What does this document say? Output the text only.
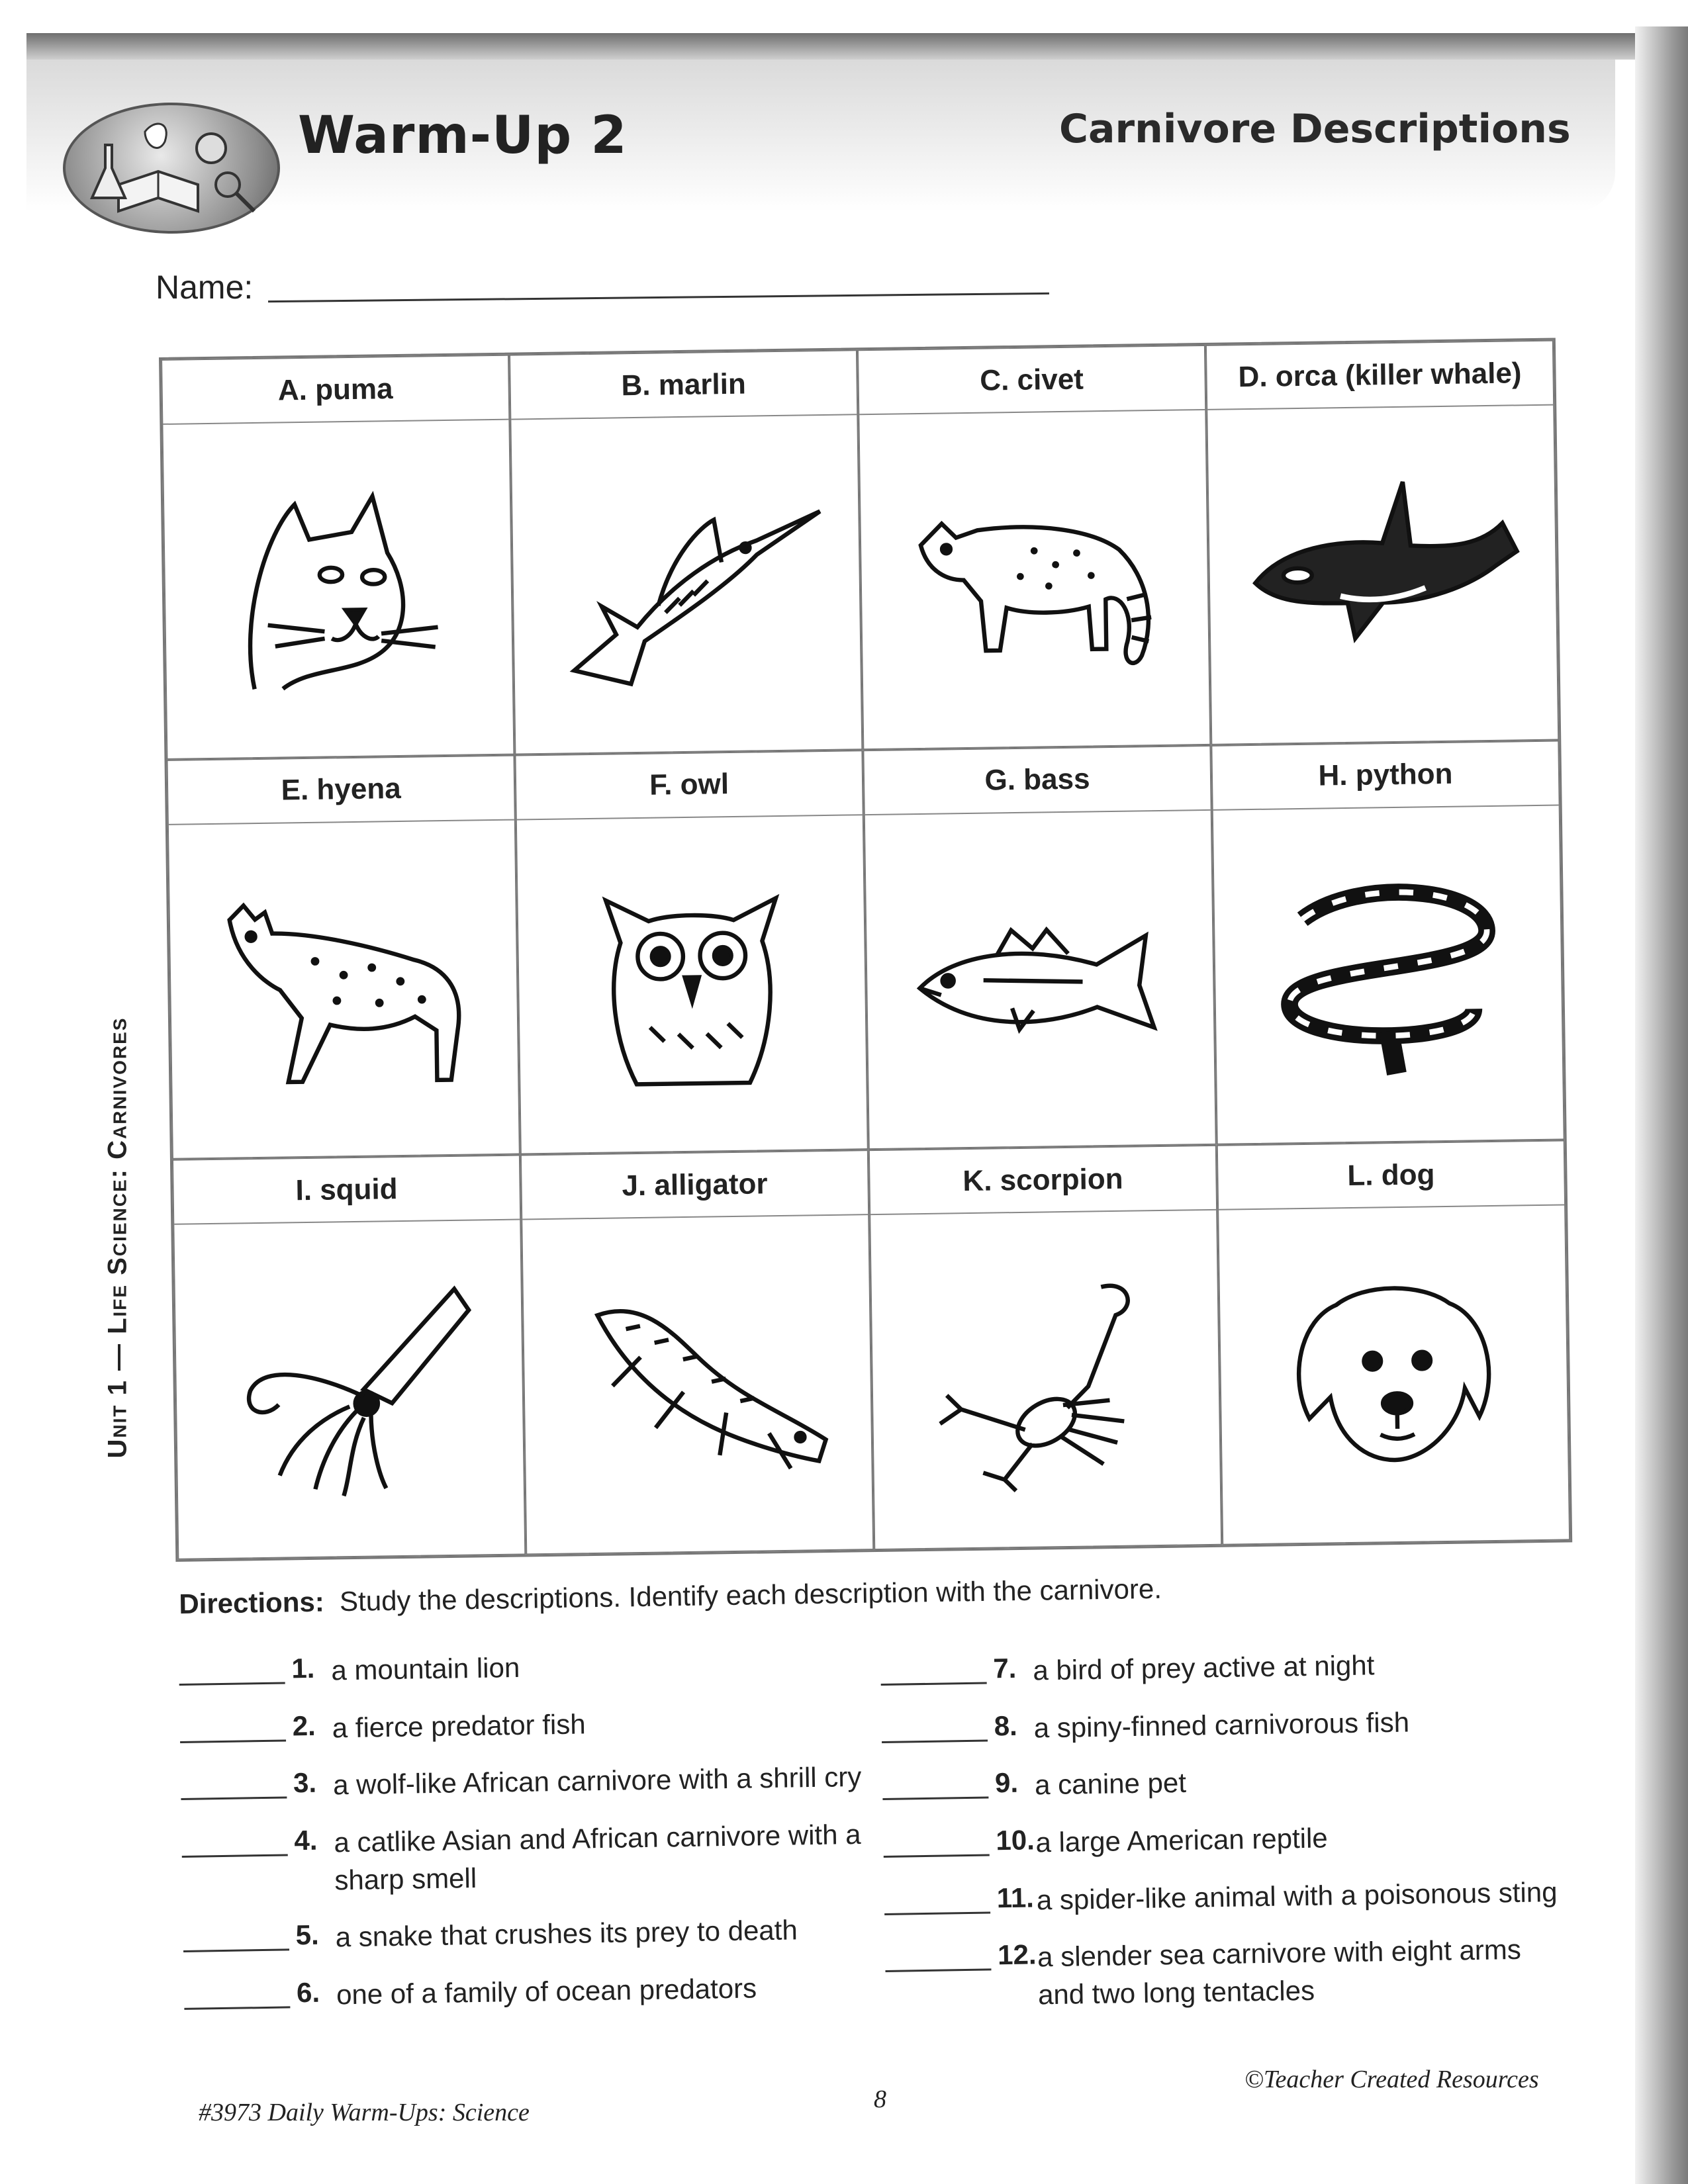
Warm-Up 2	Carnivore Descriptions
Name:
Unit 1 — Life Science: Carnivores
A.
puma	B.
marlin	C.
civet	D.
orca (killer whale)
E.
hyena	F.
owl	G.
bass	H.
python
I.
squid	J.
alligator	K.
scorpion	L.
dog
Directions: Study the descriptions. Identify each description with the carnivore.
1. a mountain lion
2. a fierce predator fish
3. a wolf-like African carnivore with a shrill cry
4. a catlike Asian and African carnivore with a sharp smell
5. a snake that crushes its prey to death
6. one of a family of ocean predators
7. a bird of prey active at night
8. a spiny-finned carnivorous fish
9. a canine pet
10. a large American reptile
11. a spider-like animal with a poisonous sting
12. a slender sea carnivore with eight arms and two long tentacles
#3973 Daily Warm-Ups: Science	8
©Teacher Created Resources
